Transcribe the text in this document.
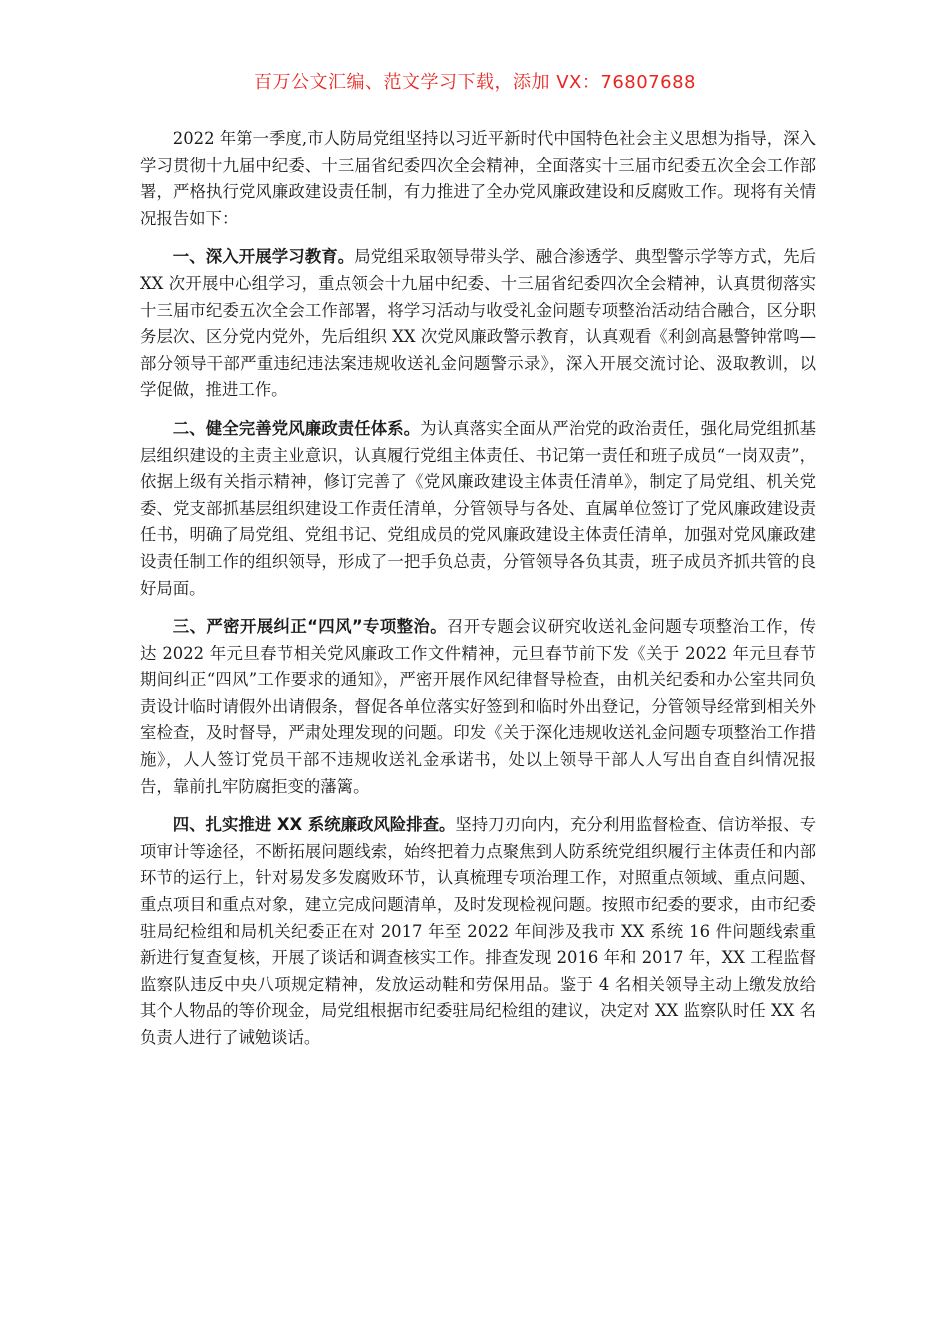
百万公文汇编、范文学习下载，添加 VX：76807688

2022 年第一季度,市人防局党组坚持以习近平新时代中国特色社会主义思想为指导，深入学习贯彻十九届中纪委、十三届省纪委四次全会精神，全面落实十三届市纪委五次全会工作部署，严格执行党风廉政建设责任制，有力推进了全办党风廉政建设和反腐败工作。现将有关情况报告如下：

一、深入开展学习教育。局党组采取领导带头学、融合渗透学、典型警示学等方式，先后 XX 次开展中心组学习，重点领会十九届中纪委、十三届省纪委四次全会精神，认真贯彻落实十三届市纪委五次全会工作部署，将学习活动与收受礼金问题专项整治活动结合融合，区分职务层次、区分党内党外，先后组织 XX 次党风廉政警示教育，认真观看《利剑高悬警钟常鸣—部分领导干部严重违纪违法案违规收送礼金问题警示录》，深入开展交流讨论、汲取教训，以学促做，推进工作。

二、健全完善党风廉政责任体系。为认真落实全面从严治党的政治责任，强化局党组抓基层组织建设的主责主业意识，认真履行党组主体责任、书记第一责任和班子成员“一岗双责”，依据上级有关指示精神，修订完善了《党风廉政建设主体责任清单》，制定了局党组、机关党委、党支部抓基层组织建设工作责任清单，分管领导与各处、直属单位签订了党风廉政建设责任书，明确了局党组、党组书记、党组成员的党风廉政建设主体责任清单，加强对党风廉政建设责任制工作的组织领导，形成了一把手负总责，分管领导各负其责，班子成员齐抓共管的良好局面。

三、严密开展纠正“四风”专项整治。召开专题会议研究收送礼金问题专项整治工作，传达 2022 年元旦春节相关党风廉政工作文件精神，元旦春节前下发《关于 2022 年元旦春节期间纠正“四风”工作要求的通知》，严密开展作风纪律督导检查，由机关纪委和办公室共同负责设计临时请假外出请假条，督促各单位落实好签到和临时外出登记，分管领导经常到相关外室检查，及时督导，严肃处理发现的问题。印发《关于深化违规收送礼金问题专项整治工作措施》，人人签订党员干部不违规收送礼金承诺书，处以上领导干部人人写出自查自纠情况报告，靠前扎牢防腐拒变的藩篱。

四、扎实推进 XX 系统廉政风险排查。坚持刀刃向内，充分利用监督检查、信访举报、专项审计等途径，不断拓展问题线索，始终把着力点聚焦到人防系统党组织履行主体责任和内部环节的运行上，针对易发多发腐败环节，认真梳理专项治理工作，对照重点领域、重点问题、重点项目和重点对象，建立完成问题清单，及时发现检视问题。按照市纪委的要求，由市纪委驻局纪检组和局机关纪委正在对 2017 年至 2022 年间涉及我市 XX 系统 16 件问题线索重新进行复查复核，开展了谈话和调查核实工作。排查发现 2016 年和 2017 年，XX 工程监督监察队违反中央八项规定精神，发放运动鞋和劳保用品。鉴于 4 名相关领导主动上缴发放给其个人物品的等价现金，局党组根据市纪委驻局纪检组的建议，决定对 XX 监察队时任 XX 名负责人进行了诫勉谈话。
